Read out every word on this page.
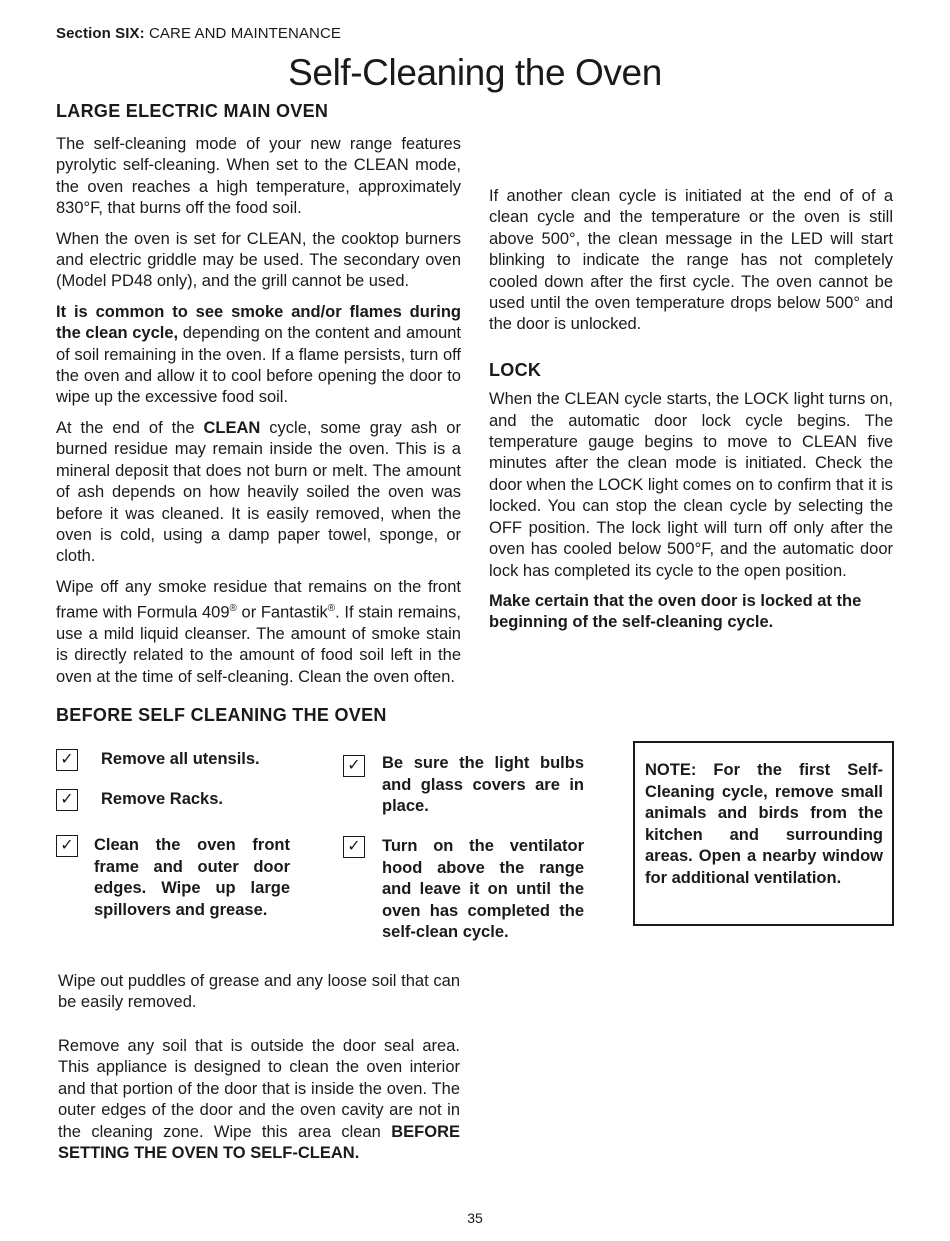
Section SIX: CARE AND MAINTENANCE
Self-Cleaning the Oven
LARGE ELECTRIC MAIN OVEN

The self-cleaning mode of your new range features pyrolytic self-cleaning. When set to the CLEAN mode, the oven reaches a high temperature, approximately 830°F, that burns off the food soil.

When the oven is set for CLEAN, the cooktop burners and electric griddle may be used. The secondary oven (Model PD48 only), and the grill cannot be used.

It is common to see smoke and/or flames during the clean cycle, depending on the content and amount of soil remaining in the oven. If a flame persists, turn off the oven and allow it to cool before opening the door to wipe up the excessive food soil.

At the end of the CLEAN cycle, some gray ash or burned residue may remain inside the oven. This is a mineral deposit that does not burn or melt. The amount of ash depends on how heavily soiled the oven was before it was cleaned. It is easily removed, when the oven is cold, using a damp paper towel, sponge, or cloth.

Wipe off any smoke residue that remains on the front frame with Formula 409® or Fantastik®. If stain remains, use a mild liquid cleanser. The amount of smoke stain is directly related to the amount of food soil left in the oven at the time of self-cleaning. Clean the oven often.

If another clean cycle is initiated at the end of of a clean cycle and the temperature or the oven is still above 500°, the clean message in the LED will start blinking to indicate the range has not completely cooled down after the first cycle. The oven cannot be used until the oven temperature drops below 500° and the door is unlocked.

LOCK

When the CLEAN cycle starts, the LOCK light turns on, and the automatic door lock cycle begins. The temperature gauge begins to move to CLEAN five minutes after the clean mode is initiated. Check the door when the LOCK light comes on to confirm that it is locked. You can stop the clean cycle by selecting the OFF position. The lock light will turn off only after the oven has cooled below 500°F, and the automatic door lock has completed its cycle to the open position.

Make certain that the oven door is locked at the beginning of the self-cleaning cycle.

BEFORE SELF CLEANING THE OVEN
✓ Remove all utensils.
✓ Remove Racks.
✓ Clean the oven front frame and outer door edges. Wipe up large spillovers and grease.
✓ Be sure the light bulbs and glass covers are in place.
✓ Turn on the ventilator hood above the range and leave it on until the oven has completed the self-clean cycle.
NOTE: For the first Self-Cleaning cycle, remove small animals and birds from the kitchen and surrounding areas. Open a nearby window for additional ventilation.
Wipe out puddles of grease and any loose soil that can be easily removed.
Remove any soil that is outside the door seal area. This appliance is designed to clean the oven interior and that portion of the door that is inside the oven. The outer edges of the door and the oven cavity are not in the cleaning zone. Wipe this area clean BEFORE SETTING THE OVEN TO SELF-CLEAN.
35
